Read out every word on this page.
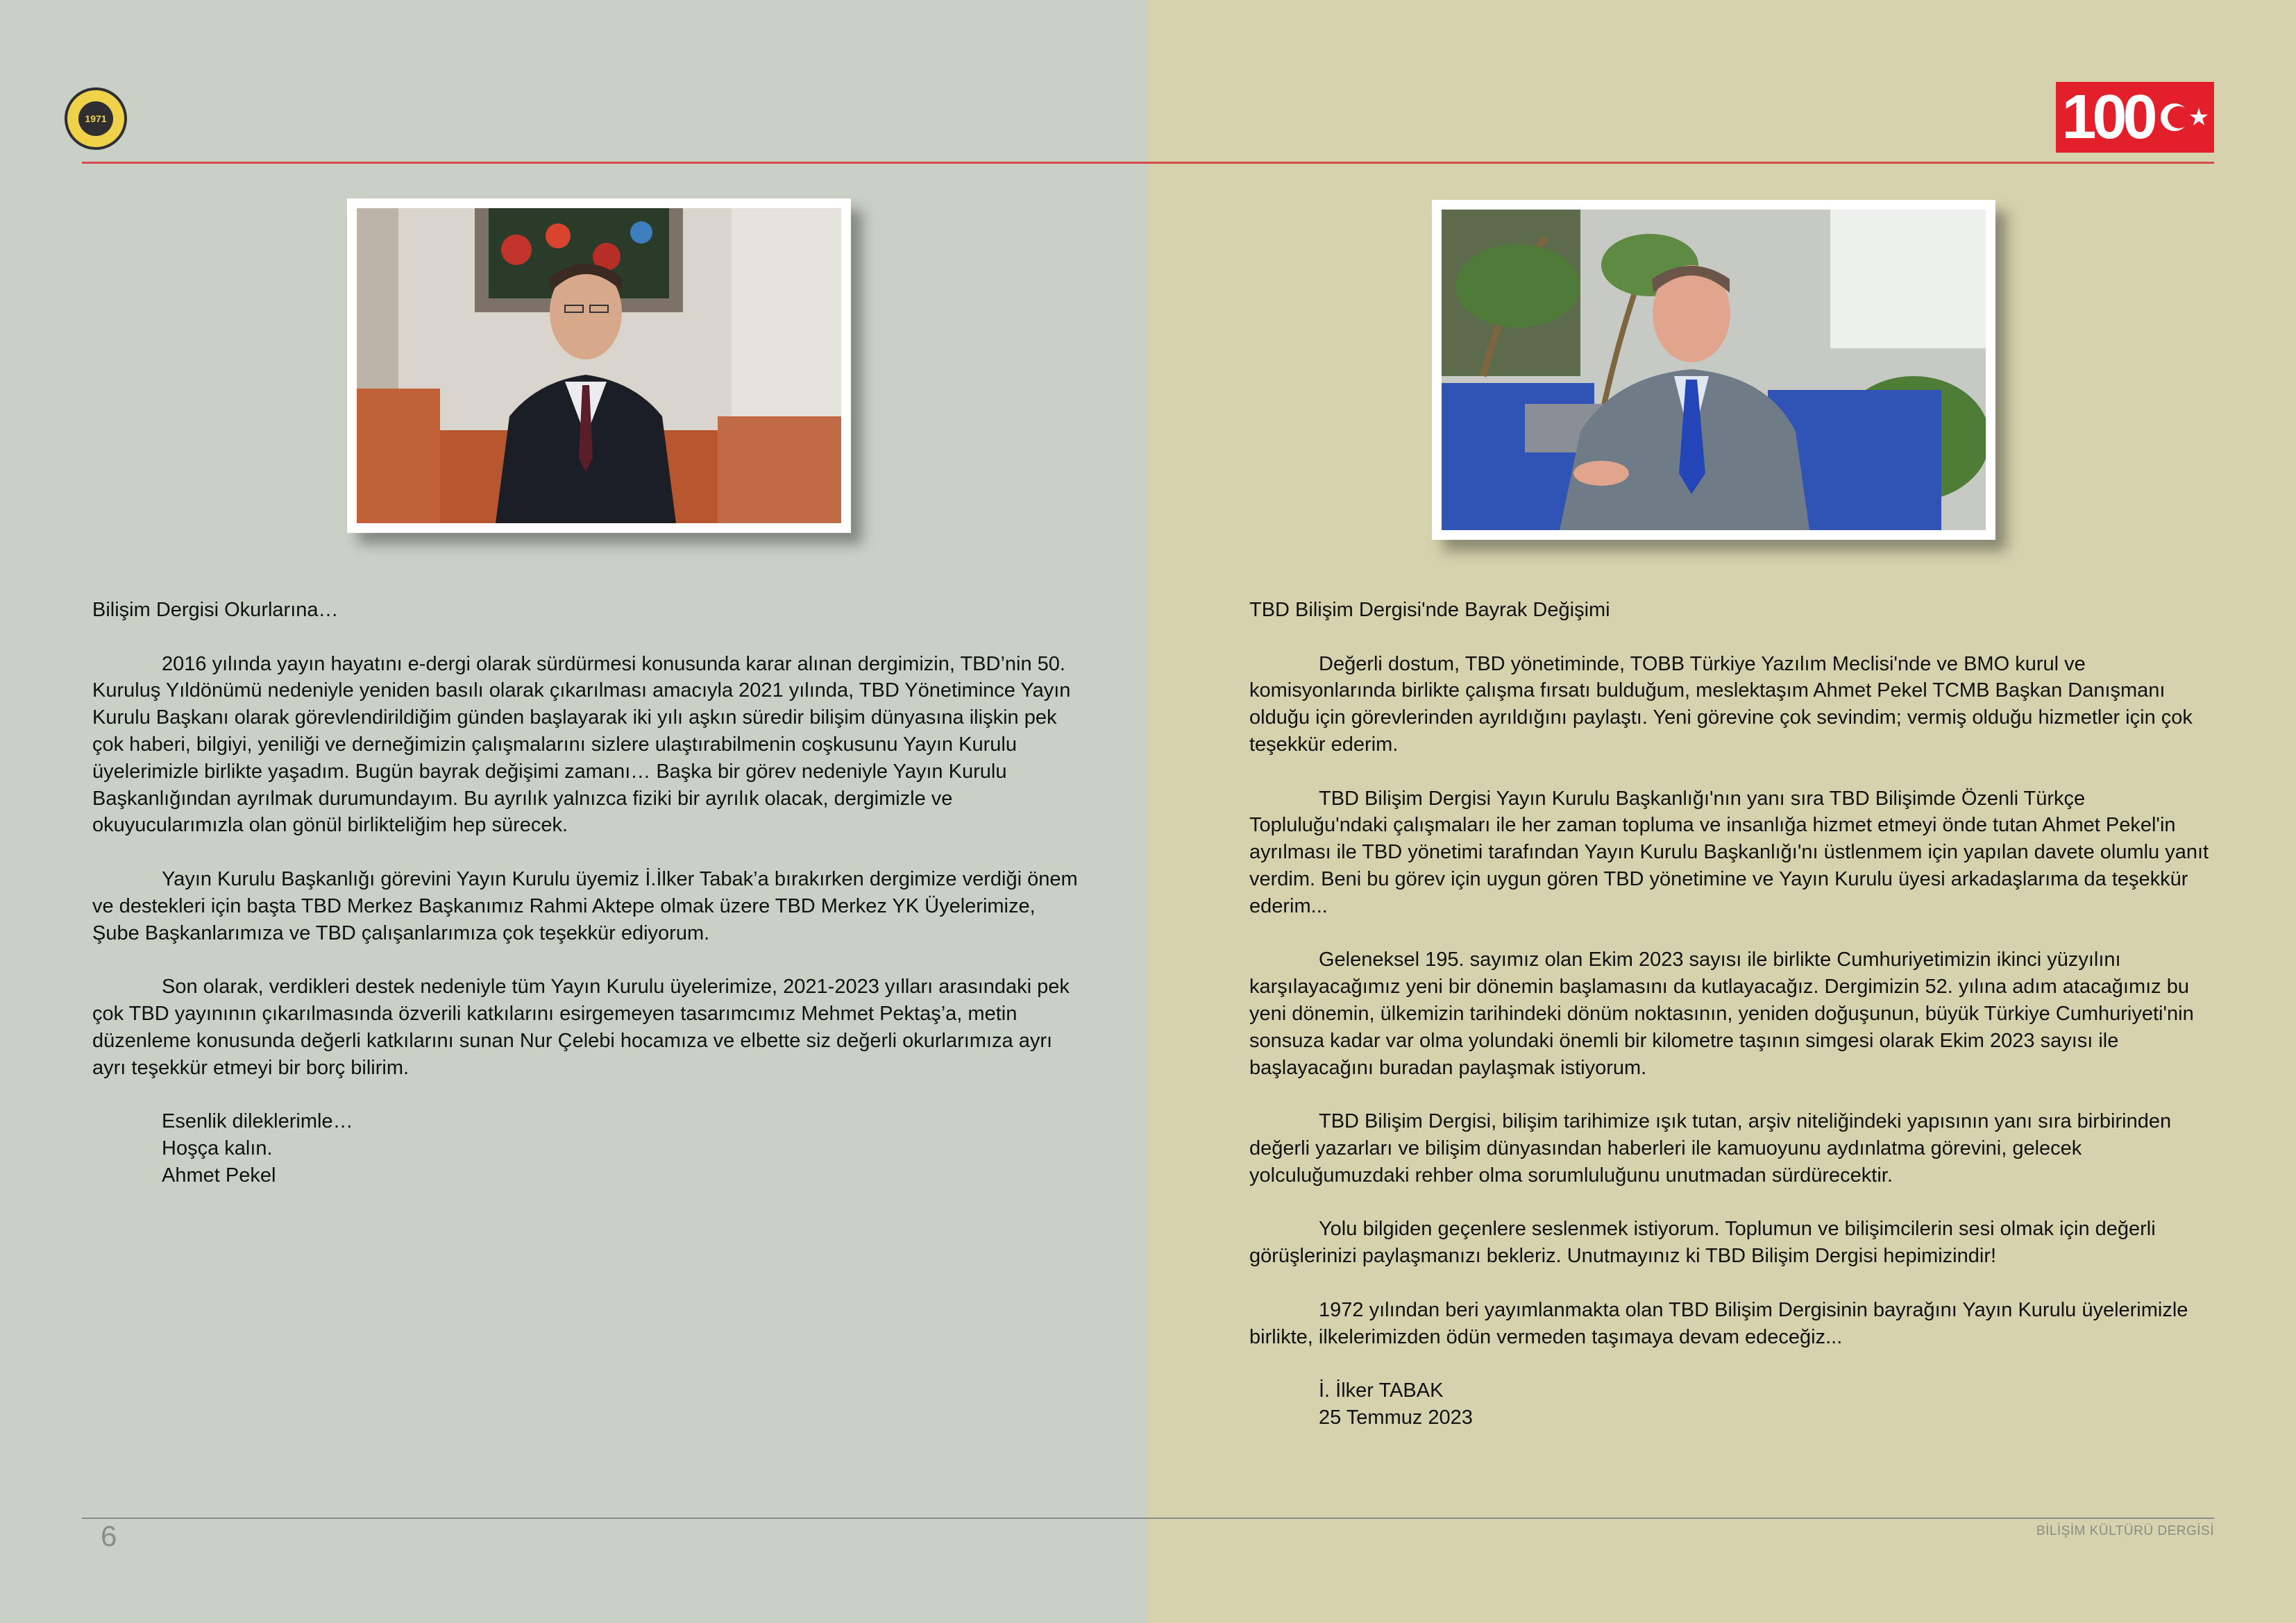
1971	100 ★

Bilişim Dergisi Okurlarına…

2016 yılında yayın hayatını e-dergi olarak sürdürmesi konusunda karar alınan dergimizin, TBD’nin 50. Kuruluş Yıldönümü nedeniyle yeniden basılı olarak çıkarılması amacıyla 2021 yılında, TBD Yönetimince Yayın Kurulu Başkanı olarak görevlendirildiğim günden başlayarak iki yılı aşkın süredir bilişim dünyasına ilişkin pek çok haberi, bilgiyi, yeniliği ve derneğimizin çalışmalarını sizlere ulaştırabilmenin coşkusunu Yayın Kurulu üyelerimizle birlikte yaşadım. Bugün bayrak değişimi zamanı… Başka bir görev nedeniyle Yayın Kurulu Başkanlığından ayrılmak durumundayım. Bu ayrılık yalnızca fiziki bir ayrılık olacak, dergimizle ve okuyucularımızla olan gönül birlikteliğim hep sürecek.

Yayın Kurulu Başkanlığı görevini Yayın Kurulu üyemiz İ.İlker Tabak’a bırakırken dergimize verdiği önem ve destekleri için başta TBD Merkez Başkanımız Rahmi Aktepe olmak üzere TBD Merkez YK Üyelerimize, Şube Başkanlarımıza ve TBD çalışanlarımıza çok teşekkür ediyorum.

Son olarak, verdikleri destek nedeniyle tüm Yayın Kurulu üyelerimize, 2021-2023 yılları arasındaki pek çok TBD yayınının çıkarılmasında özverili katkılarını esirgemeyen tasarımcımız Mehmet Pektaş’a, metin düzenleme konusunda değerli katkılarını sunan Nur Çelebi hocamıza ve elbette siz değerli okurlarımıza ayrı ayrı teşekkür etmeyi bir borç bilirim.

Esenlik dileklerimle…

Hoşça kalın.

Ahmet Pekel

TBD Bilişim Dergisi'nde Bayrak Değişimi

Değerli dostum, TBD yönetiminde, TOBB Türkiye Yazılım Meclisi'nde ve BMO kurul ve komisyonlarında birlikte çalışma fırsatı bulduğum, meslektaşım Ahmet Pekel TCMB Başkan Danışmanı olduğu için görevlerinden ayrıldığını paylaştı. Yeni görevine çok sevindim; vermiş olduğu hizmetler için çok teşekkür ederim.

TBD Bilişim Dergisi Yayın Kurulu Başkanlığı'nın yanı sıra TBD Bilişimde Özenli Türkçe Topluluğu'ndaki çalışmaları ile her zaman topluma ve insanlığa hizmet etmeyi önde tutan Ahmet Pekel'in ayrılması ile TBD yönetimi tarafından Yayın Kurulu Başkanlığı'nı üstlenmem için yapılan davete olumlu yanıt verdim. Beni bu görev için uygun gören TBD yönetimine ve Yayın Kurulu üyesi arkadaşlarıma da teşekkür ederim...

Geleneksel 195. sayımız olan Ekim 2023 sayısı ile birlikte Cumhuriyetimizin ikinci yüzyılını karşılayacağımız yeni bir dönemin başlamasını da kutlayacağız. Dergimizin 52. yılına adım atacağımız bu yeni dönemin, ülkemizin tarihindeki dönüm noktasının, yeniden doğuşunun, büyük Türkiye Cumhuriyeti'nin sonsuza kadar var olma yolundaki önemli bir kilometre taşının simgesi olarak Ekim 2023 sayısı ile başlayacağını buradan paylaşmak istiyorum.

TBD Bilişim Dergisi, bilişim tarihimize ışık tutan, arşiv niteliğindeki yapısının yanı sıra birbirinden değerli yazarları ve bilişim dünyasından haberleri ile kamuoyunu aydınlatma görevini, gelecek yolculuğumuzdaki rehber olma sorumluluğunu unutmadan sürdürecektir.

Yolu bilgiden geçenlere seslenmek istiyorum. Toplumun ve bilişimcilerin sesi olmak için değerli görüşlerinizi paylaşmanızı bekleriz. Unutmayınız ki TBD Bilişim Dergisi hepimizindir!

1972 yılından beri yayımlanmakta olan TBD Bilişim Dergisinin bayrağını Yayın Kurulu üyelerimizle birlikte, ilkelerimizden ödün vermeden taşımaya devam edeceğiz...

İ. İlker TABAK

25 Temmuz 2023

6	BİLİŞİM KÜLTÜRÜ DERGİSİ
